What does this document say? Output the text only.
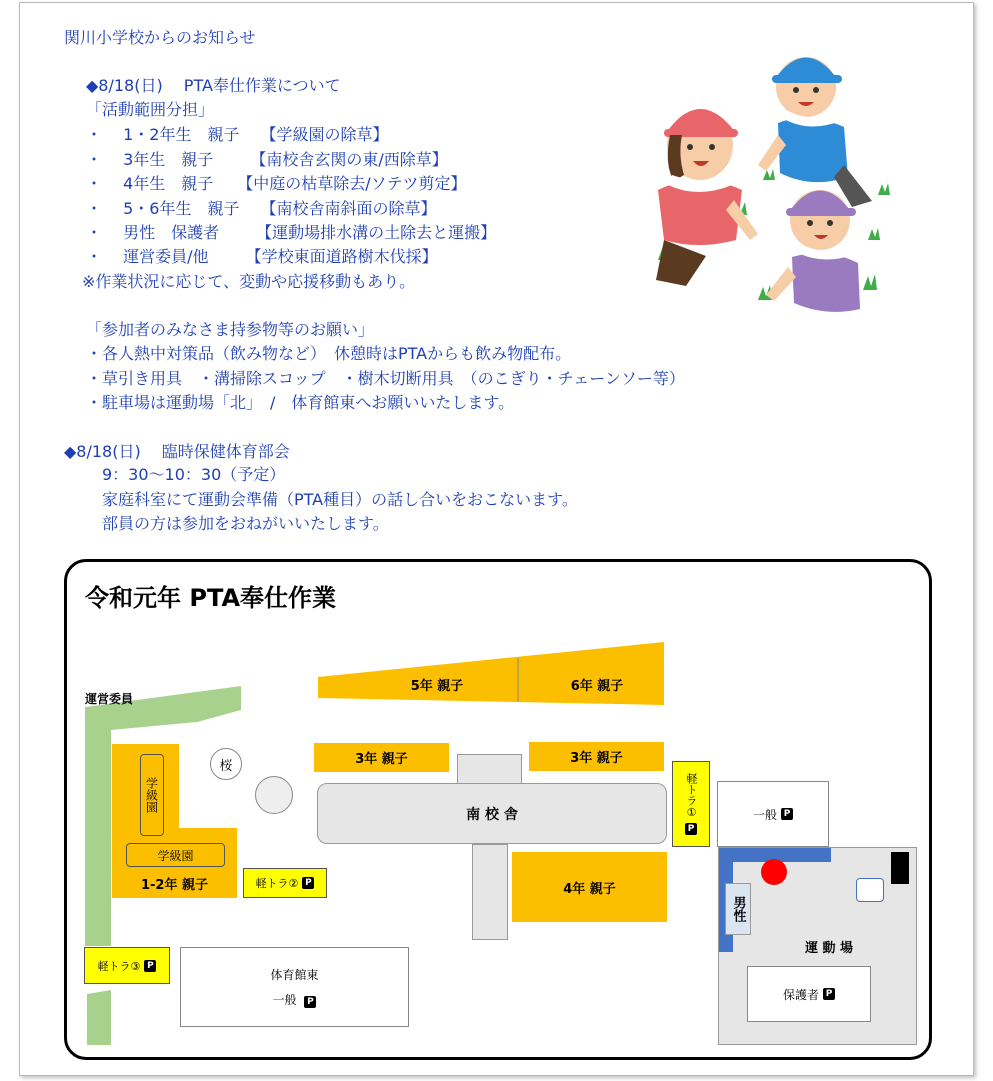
関川小学校からのお知らせ
◆8/18(日)　 PTA奉仕作業について
「活動範囲分担」
・　 1・2年生　親子　 【学級園の除草】
・　 3年生　親子　　 【南校舎玄関の東/西除草】
・　 4年生　親子　　【中庭の枯草除去/ソテツ剪定】
・　 5・6年生　親子　 【南校舎南斜面の除草】
・　 男性　保護者　　 【運動場排水溝の土除去と運搬】
・　 運営委員/他　　 【学校東面道路樹木伐採】
※作業状況に応じて、変動や応援移動もあり。
「参加者のみなさま持参物等のお願い」
・各人熱中対策品（飲み物など）　休憩時はPTAからも飲み物配布。
・草引き用具　・溝掃除スコップ　・樹木切断用具　（のこぎり・チェーンソー等）
・駐車場は運動場「北」　/　体育館東へお願いいたします。
◆8/18(日)　 臨時保健体育部会
9：30～10：30（予定）
家庭科室にて運動会準備（PTA種目）の話し合いをおこないます。
部員の方は参加をおねがいいたします。
令和元年 PTA奉仕作業
運営委員
5年 親子	6年 親子
3年 親子	3年 親子
学級園
学級園
1-2年 親子
桜
南 校 舎
4年 親子
軽トラ①
P
軽トラ② P
軽トラ③ P
一般 P
男性
運 動 場
保護者 P
体育館東
一般 P
